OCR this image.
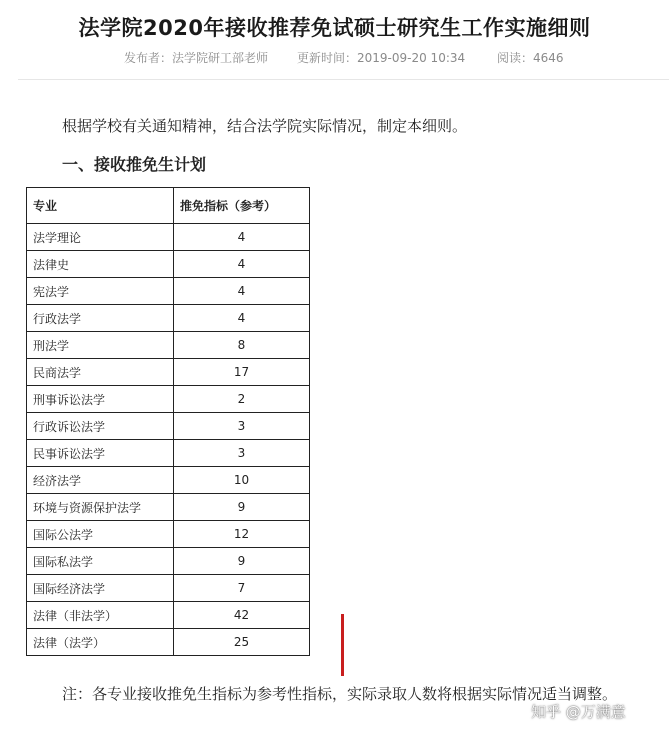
法学院2020年接收推荐免试硕士研究生工作实施细则
发布者：法学院研工部老师 更新时间：2019-09-20 10:34	阅读：4646

根据学校有关通知精神，结合法学院实际情况，制定本细则。

一、接收推免生计划
专业	推免指标（参考）
法学理论	4
法律史	4
宪法学	4
行政法学	4
刑法学	8
民商法学	17
刑事诉讼法学	2
行政诉讼法学	3
民事诉讼法学	3
经济法学	10
环境与资源保护法学	9
国际公法学	12
国际私法学	9
国际经济法学	7
法律（非法学）	42
法律（法学）	25

注：各专业接收推免生指标为参考性指标，实际录取人数将根据实际情况适当调整。

知乎 @万满意
